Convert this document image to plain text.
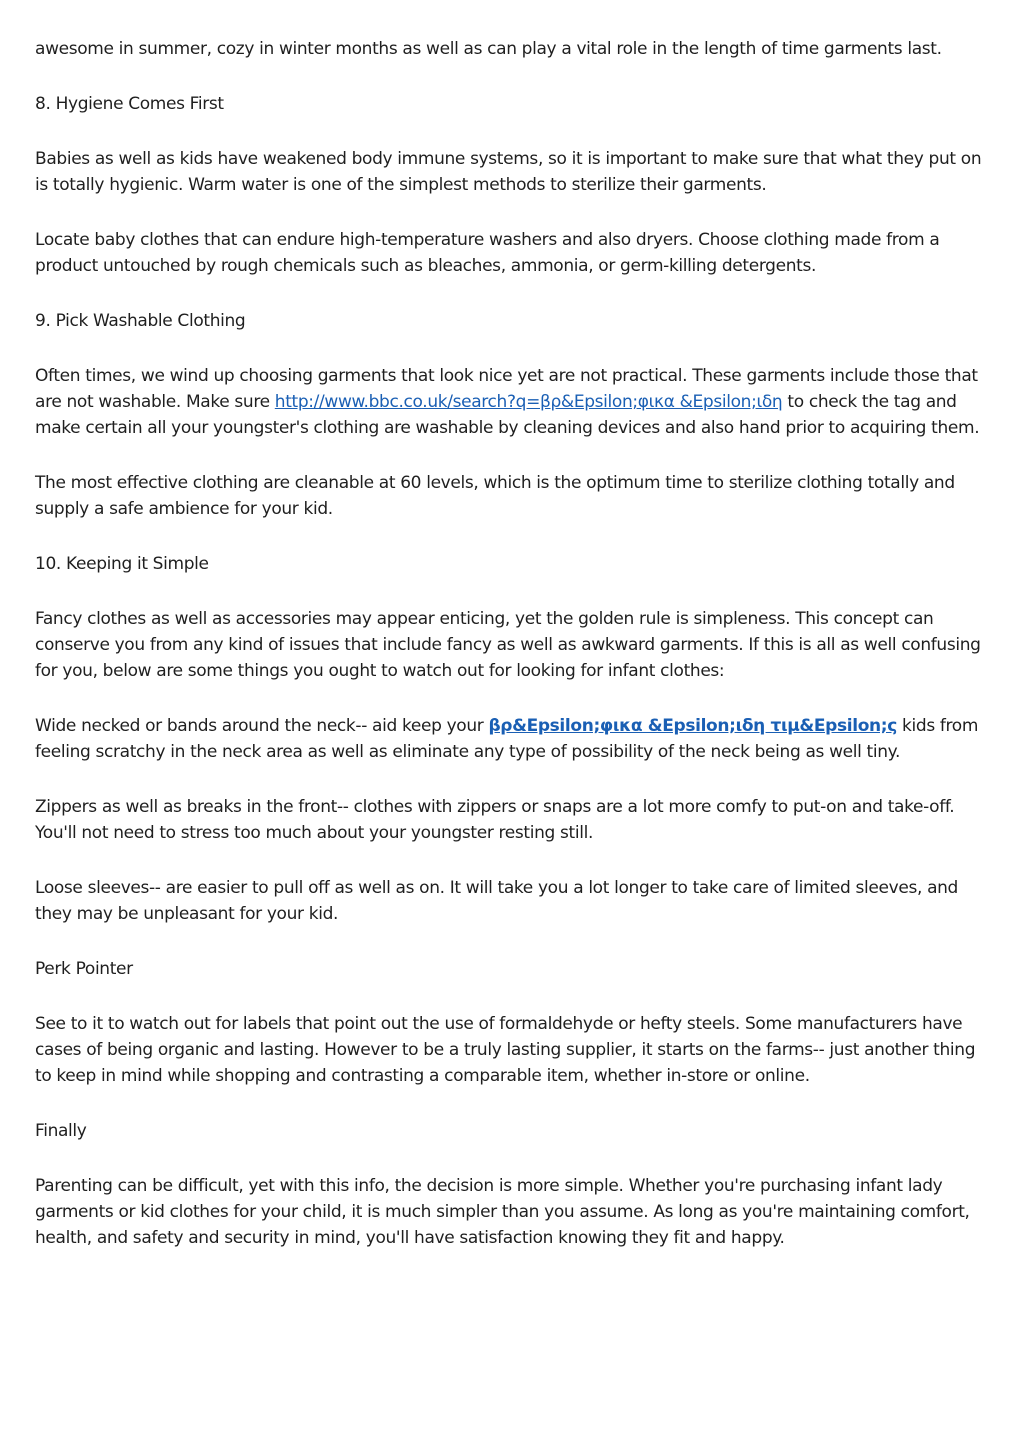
awesome in summer, cozy in winter months as well as can play a vital role in the length of time garments last.

8. Hygiene Comes First

Babies as well as kids have weakened body immune systems, so it is important to make sure that what they put on is totally hygienic. Warm water is one of the simplest methods to sterilize their garments.

Locate baby clothes that can endure high-temperature washers and also dryers. Choose clothing made from a product untouched by rough chemicals such as bleaches, ammonia, or germ-killing detergents.

9. Pick Washable Clothing

Often times, we wind up choosing garments that look nice yet are not practical. These garments include those that are not washable. Make sure http://www.bbc.co.uk/search?q=βρ&Epsilon;φικα &Epsilon;ιδη to check the tag and make certain all your youngster's clothing are washable by cleaning devices and also hand prior to acquiring them.

The most effective clothing are cleanable at 60 levels, which is the optimum time to sterilize clothing totally and supply a safe ambience for your kid.

10. Keeping it Simple

Fancy clothes as well as accessories may appear enticing, yet the golden rule is simpleness. This concept can conserve you from any kind of issues that include fancy as well as awkward garments. If this is all as well confusing for you, below are some things you ought to watch out for looking for infant clothes:

Wide necked or bands around the neck-- aid keep your βρ&Epsilon;φικα &Epsilon;ιδη τιμ&Epsilon;ς kids from feeling scratchy in the neck area as well as eliminate any type of possibility of the neck being as well tiny.

Zippers as well as breaks in the front-- clothes with zippers or snaps are a lot more comfy to put-on and take-off. You'll not need to stress too much about your youngster resting still.

Loose sleeves-- are easier to pull off as well as on. It will take you a lot longer to take care of limited sleeves, and they may be unpleasant for your kid.

Perk Pointer

See to it to watch out for labels that point out the use of formaldehyde or hefty steels. Some manufacturers have cases of being organic and lasting. However to be a truly lasting supplier, it starts on the farms-- just another thing to keep in mind while shopping and contrasting a comparable item, whether in-store or online.

Finally

Parenting can be difficult, yet with this info, the decision is more simple. Whether you're purchasing infant lady garments or kid clothes for your child, it is much simpler than you assume. As long as you're maintaining comfort, health, and safety and security in mind, you'll have satisfaction knowing they fit and happy.
